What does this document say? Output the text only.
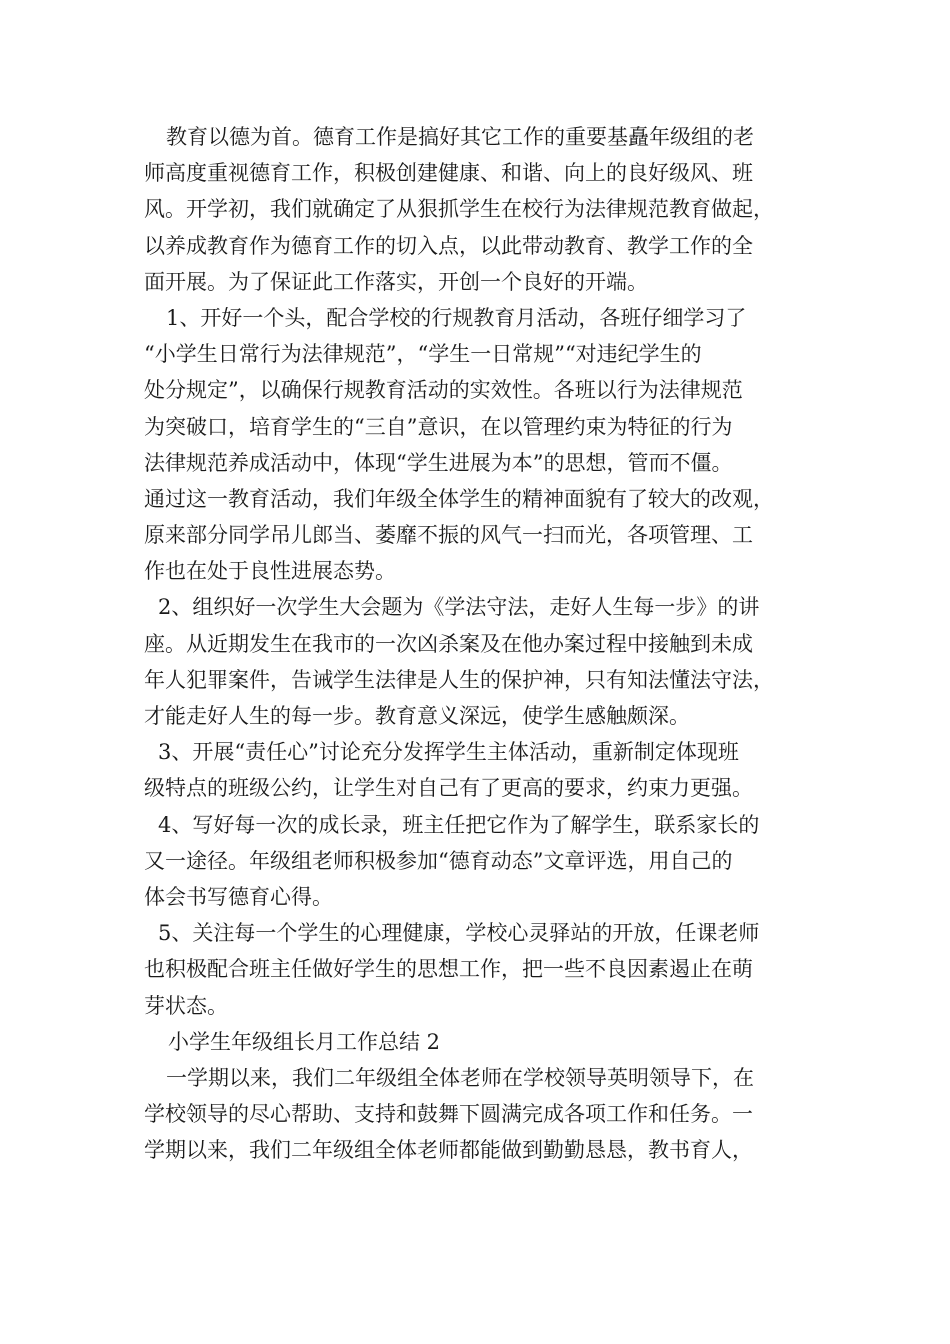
教育以德为首。德育工作是搞好其它工作的重要基矗年级组的老
师高度重视德育工作，积极创建健康、和谐、向上的良好级风、班
风。开学初，我们就确定了从狠抓学生在校行为法律规范教育做起，
以养成教育作为德育工作的切入点，以此带动教育、教学工作的全
面开展。为了保证此工作落实，开创一个良好的开端。
1、开好一个头，配合学校的行规教育月活动，各班仔细学习了
“小学生日常行为法律规范”，“学生一日常规”“对违纪学生的
处分规定”，以确保行规教育活动的实效性。各班以行为法律规范
为突破口，培育学生的“三自”意识，在以管理约束为特征的行为
法律规范养成活动中，体现“学生进展为本”的思想，管而不僵。
通过这一教育活动，我们年级全体学生的精神面貌有了较大的改观，
原来部分同学吊儿郎当、萎靡不振的风气一扫而光，各项管理、工
作也在处于良性进展态势。
2、组织好一次学生大会题为《学法守法，走好人生每一步》的讲
座。从近期发生在我市的一次凶杀案及在他办案过程中接触到未成
年人犯罪案件，告诫学生法律是人生的保护神，只有知法懂法守法，
才能走好人生的每一步。教育意义深远，使学生感触颇深。
3、开展“责任心”讨论充分发挥学生主体活动，重新制定体现班
级特点的班级公约，让学生对自己有了更高的要求，约束力更强。
4、写好每一次的成长录，班主任把它作为了解学生，联系家长的
又一途径。年级组老师积极参加“德育动态”文章评选，用自己的
体会书写德育心得。
5、关注每一个学生的心理健康，学校心灵驿站的开放，任课老师
也积极配合班主任做好学生的思想工作，把一些不良因素遏止在萌
芽状态。
小学生年级组长月工作总结 2
一学期以来，我们二年级组全体老师在学校领导英明领导下，在
学校领导的尽心帮助、支持和鼓舞下圆满完成各项工作和任务。一
学期以来，我们二年级组全体老师都能做到勤勤恳恳，教书育人，
